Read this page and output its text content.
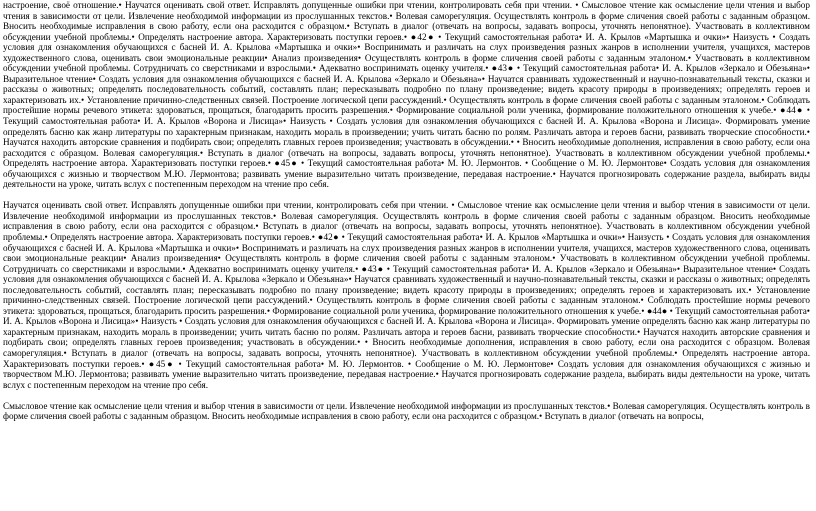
настроение, своё отношение.• Научатся оценивать свой ответ. Исправлять допущенные ошибки при чтении, контролировать себя при чтении. • Смысловое чтение как осмысление цели чтения и выбор чтения в зависимости от цели. Извлечение необходимой информации из прослушанных текстов.• Волевая саморегуляция. Осуществлять контроль в форме сличения своей работы с заданным образцом. Вносить необходимые исправления в свою работу, если она расходится с образцом.• Вступать в диалог (отвечать на вопросы, задавать вопросы, уточнять непонятное). Участвовать в коллективном обсуждении учебной проблемы.• Определять настроение автора. Характеризовать поступки героев.• ●42● • Текущий самостоятельная работа• И. А. Крылов «Мартышка и очки»• Наизусть • Создать условия для ознакомления обучающихся с басней И. А. Крылова «Мартышка и очки»• Воспринимать и различать на слух произведения разных жанров в исполнении учителя, учащихся, мастеров художественного слова, оценивать свои эмоциональные реакции• Анализ произведения• Осуществлять контроль в форме сличения своей работы с заданным эталоном.• Участвовать в коллективном обсуждении учебной проблемы. Сотрудничать со сверстниками и взрослыми.• Адекватно воспринимать оценку учителя.• ●43● • Текущий самостоятельная работа• И. А. Крылов «Зеркало и Обезьяна»• Выразительное чтение• Создать условия для ознакомления обучающихся с басней И. А. Крылова «Зеркало и Обезьяна»• Научатся сравнивать художественный и научно-познавательный тексты, сказки и рассказы о животных; определять последовательность событий, составлять план; пересказывать подробно по плану произведение; видеть красоту природы в произведениях; определять героев и характеризовать их.• Установление причинно-следственных связей. Построение логической цепи рассуждений.• Осуществлять контроль в форме сличения своей работы с заданным эталоном.• Соблюдать простейшие нормы речевого этикета: здороваться, прощаться, благодарить просить разрешения.• Формирование социальной роли ученика, формирование положительного отношения к учебе.• ●44● • Текущий самостоятельная работа• И. А. Крылов «Ворона и Лисица»• Наизусть • Создать условия для ознакомления обучающихся с басней И. А. Крылова «Ворона и Лисица». Формировать умение определять басню как жанр литературы по характерным признакам, находить мораль в произведении; учить читать басню по ролям. Различать автора и героев басни, развивать творческие способности.• Научатся находить авторские сравнения и подбирать свои; определять главных героев произведения; участвовать в обсуждении.• • Вносить необходимые дополнения, исправления в свою работу, если она расходится с образцом. Волевая саморегуляция.• Вступать в диалог (отвечать на вопросы, задавать вопросы, уточнять непонятное). Участвовать в коллективном обсуждении учебной проблемы.• Определять настроение автора. Характеризовать поступки героев.• ●45● • Текущий самостоятельная работа• М. Ю. Лермонтов. • Сообщение о М. Ю. Лермонтове• Создать условия для ознакомления обучающихся с жизнью и творчеством М.Ю. Лермонтова; развивать умение выразительно читать произведение, передавая настроение.• Научатся прогнозировать содержание раздела, выбирать виды деятельности на уроке, читать вслух с постепенным переходом на чтение про себя.

Научатся оценивать свой ответ. Исправлять допущенные ошибки при чтении, контролировать себя при чтении. • Смысловое чтение как осмысление цели чтения и выбор чтения в зависимости от цели. Извлечение необходимой информации из прослушанных текстов.• Волевая саморегуляция. Осуществлять контроль в форме сличения своей работы с заданным образцом. Вносить необходимые исправления в свою работу, если она расходится с образцом.• Вступать в диалог (отвечать на вопросы, задавать вопросы, уточнять непонятное). Участвовать в коллективном обсуждении учебной проблемы.• Определять настроение автора. Характеризовать поступки героев.• ●42● • Текущий самостоятельная работа• И. А. Крылов «Мартышка и очки»• Наизусть • Создать условия для ознакомления обучающихся с басней И. А. Крылова «Мартышка и очки»• Воспринимать и различать на слух произведения разных жанров в исполнении учителя, учащихся, мастеров художественного слова, оценивать свои эмоциональные реакции• Анализ произведения• Осуществлять контроль в форме сличения своей работы с заданным эталоном.• Участвовать в коллективном обсуждении учебной проблемы. Сотрудничать со сверстниками и взрослыми.• Адекватно воспринимать оценку учителя.• ●43● • Текущий самостоятельная работа• И. А. Крылов «Зеркало и Обезьяна»• Выразительное чтение• Создать условия для ознакомления обучающихся с басней И. А. Крылова «Зеркало и Обезьяна»• Научатся сравнивать художественный и научно-познавательный тексты, сказки и рассказы о животных; определять последовательность событий, составлять план; пересказывать подробно по плану произведение; видеть красоту природы в произведениях; определять героев и характеризовать их.• Установление причинно-следственных связей. Построение логической цепи рассуждений.• Осуществлять контроль в форме сличения своей работы с заданным эталоном.• Соблюдать простейшие нормы речевого этикета: здороваться, прощаться, благодарить просить разрешения.• Формирование социальной роли ученика, формирование положительного отношения к учебе.• ●44● • Текущий самостоятельная работа• И. А. Крылов «Ворона и Лисица»• Наизусть • Создать условия для ознакомления обучающихся с басней И. А. Крылова «Ворона и Лисица». Формировать умение определять басню как жанр литературы по характерным признакам, находить мораль в произведении; учить читать басню по ролям. Различать автора и героев басни, развивать творческие способности.• Научатся находить авторские сравнения и подбирать свои; определять главных героев произведения; участвовать в обсуждении.• • Вносить необходимые дополнения, исправления в свою работу, если она расходится с образцом. Волевая саморегуляция.• Вступать в диалог (отвечать на вопросы, задавать вопросы, уточнять непонятное). Участвовать в коллективном обсуждении учебной проблемы.• Определять настроение автора. Характеризовать поступки героев.• ●45● • Текущий самостоятельная работа• М. Ю. Лермонтов. • Сообщение о М. Ю. Лермонтове• Создать условия для ознакомления обучающихся с жизнью и творчеством М.Ю. Лермонтова; развивать умение выразительно читать произведение, передавая настроение.• Научатся прогнозировать содержание раздела, выбирать виды деятельности на уроке, читать вслух с постепенным переходом на чтение про себя.

Смысловое чтение как осмысление цели чтения и выбор чтения в зависимости от цели. Извлечение необходимой информации из прослушанных текстов.• Волевая саморегуляция. Осуществлять контроль в форме сличения своей работы с заданным образцом. Вносить необходимые исправления в свою работу, если она расходится с образцом.• Вступать в диалог (отвечать на вопросы,
